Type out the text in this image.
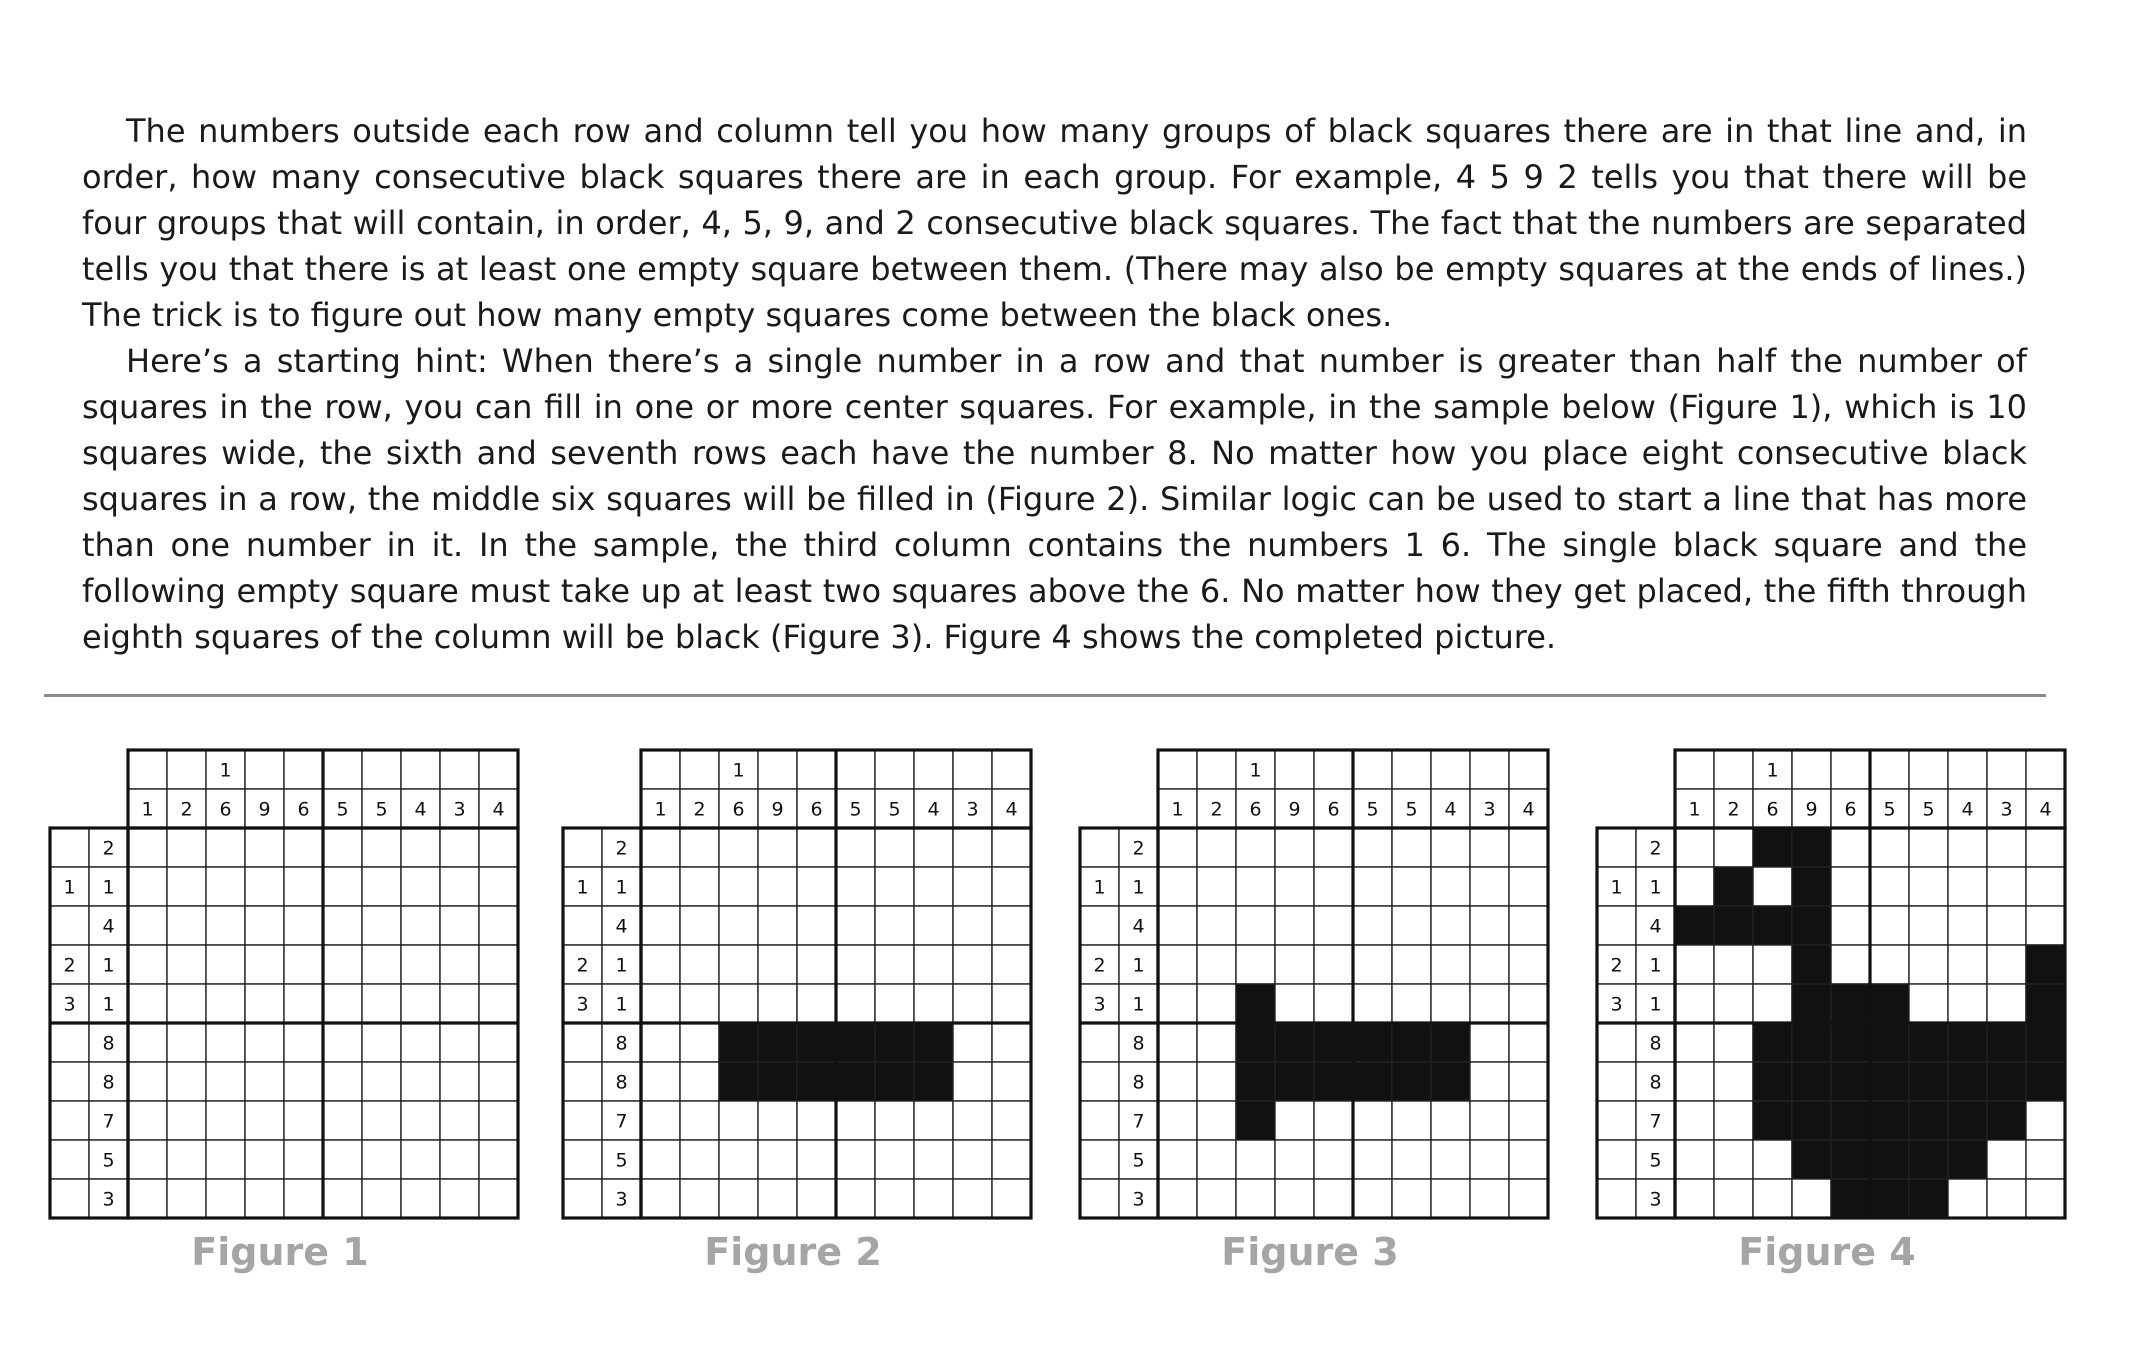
The numbers outside each row and column tell you how many groups of black squares there are in that line and, in order, how many consecutive black squares there are in each group. For example, 4 5 9 2 tells you that there will be four groups that will contain, in order, 4, 5, 9, and 2 consecutive black squares. The fact that the numbers are separated tells you that there is at least one empty square between them. (There may also be empty squares at the ends of lines.) The trick is to figure out how many empty squares come between the black ones.

Here’s a starting hint: When there’s a single number in a row and that number is greater than half the number of squares in the row, you can fill in one or more center squares. For example, in the sample below (Figure 1), which is 10 squares wide, the sixth and seventh rows each have the number 8. No matter how you place eight consecutive black squares in a row, the middle six squares will be filled in (Figure 2). Similar logic can be used to start a line that has more than one number in it. In the sample, the third column contains the numbers 1 6. The single black square and the following empty square must take up at least two squares above the 6. No matter how they get placed, the fifth through eighth squares of the column will be black (Figure 3). Figure 4 shows the completed picture.

1 2
1
6 9 6 5 5 4 3 4
2
1 1
4
2 1
3 1
8
8
7
5
3
Figure 1
1 2
1
6 9 6 5 5 4 3 4
2
1 1
4
2 1
3 1
8
8
7
5
3
Figure 2
1 2
1
6 9 6 5 5 4 3 4
2
1 1
4
2 1
3 1
8
8
7
5
3
Figure 3
1 2
1
6 9 6 5 5 4 3 4
2
1 1
4
2 1
3 1
8
8
7
5
3
Figure 4
